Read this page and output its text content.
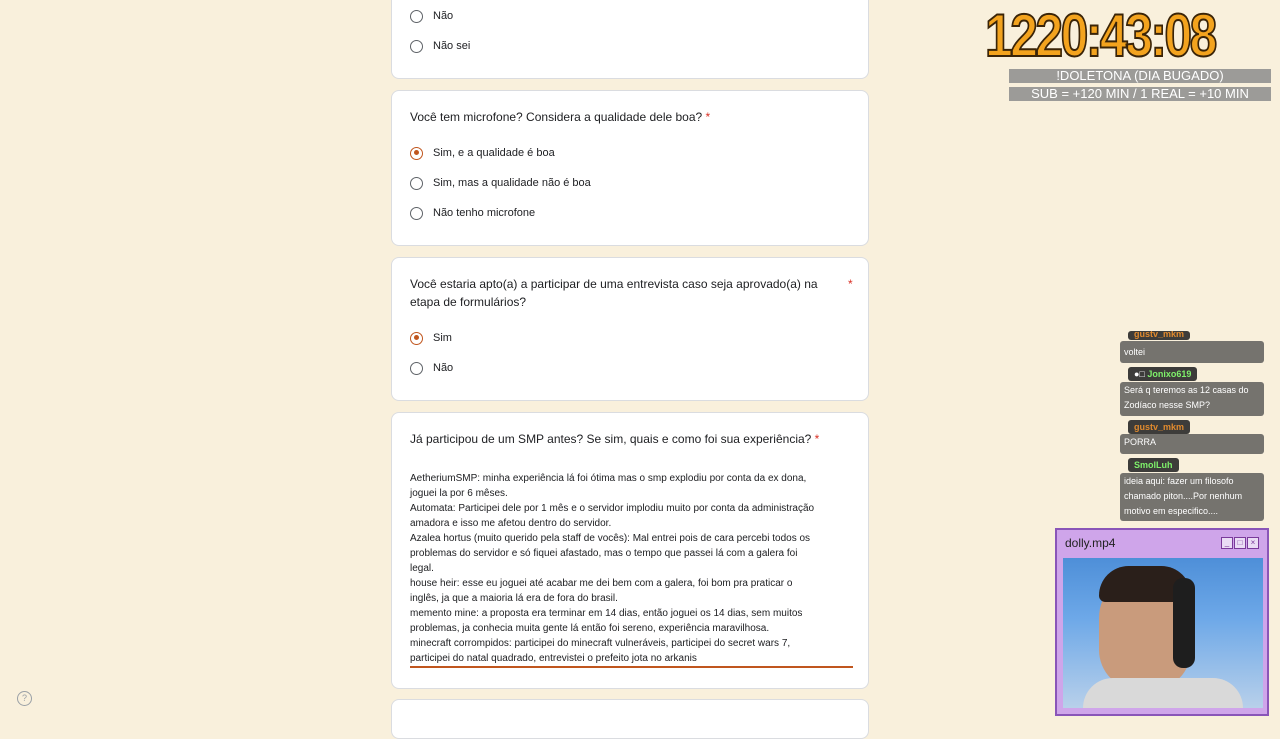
Não
Não sei
Você tem microfone? Considera a qualidade dele boa? *
Sim, e a qualidade é boa
Sim, mas a qualidade não é boa
Não tenho microfone
Você estaria apto(a) a participar de uma entrevista caso seja aprovado(a) na
etapa de formulários?
*
Sim
Não
Já participou de um SMP antes? Se sim, quais e como foi sua experiência? *
AetheriumSMP: minha experiência lá foi ótima mas o smp explodiu por conta da ex dona,
joguei la por 6 mêses.
Automata: Participei dele por 1 mês e o servidor implodiu muito por conta da administração
amadora e isso me afetou dentro do servidor.
Azalea hortus (muito querido pela staff de vocês): Mal entrei pois de cara percebi todos os
problemas do servidor e só fiquei afastado, mas o tempo que passei lá com a galera foi
legal.
house heir: esse eu joguei até acabar me dei bem com a galera, foi bom pra praticar o
inglês, ja que a maioria lá era de fora do brasil.
memento mine: a proposta era terminar em 14 dias, então joguei os 14 dias, sem muitos
problemas, ja conhecia muita gente lá então foi sereno, experiência maravilhosa.
minecraft corrompidos: participei do minecraft vulneráveis, participei do secret wars 7,
participei do natal quadrado, entrevistei o prefeito jota no arkanis
?
1220:43:08
!DOLETONA (DIA BUGADO)
SUB = +120 MIN / 1 REAL = +10 MIN
gustv_mkm
voltei
●□ Jonixo619
Será q teremos as 12 casas do Zodíaco nesse SMP?
gustv_mkm
PORRA
SmolLuh
ideia aqui: fazer um filosofo chamado piton....Por nenhum motivo em especifico....
dolly.mp4	_	□	×
